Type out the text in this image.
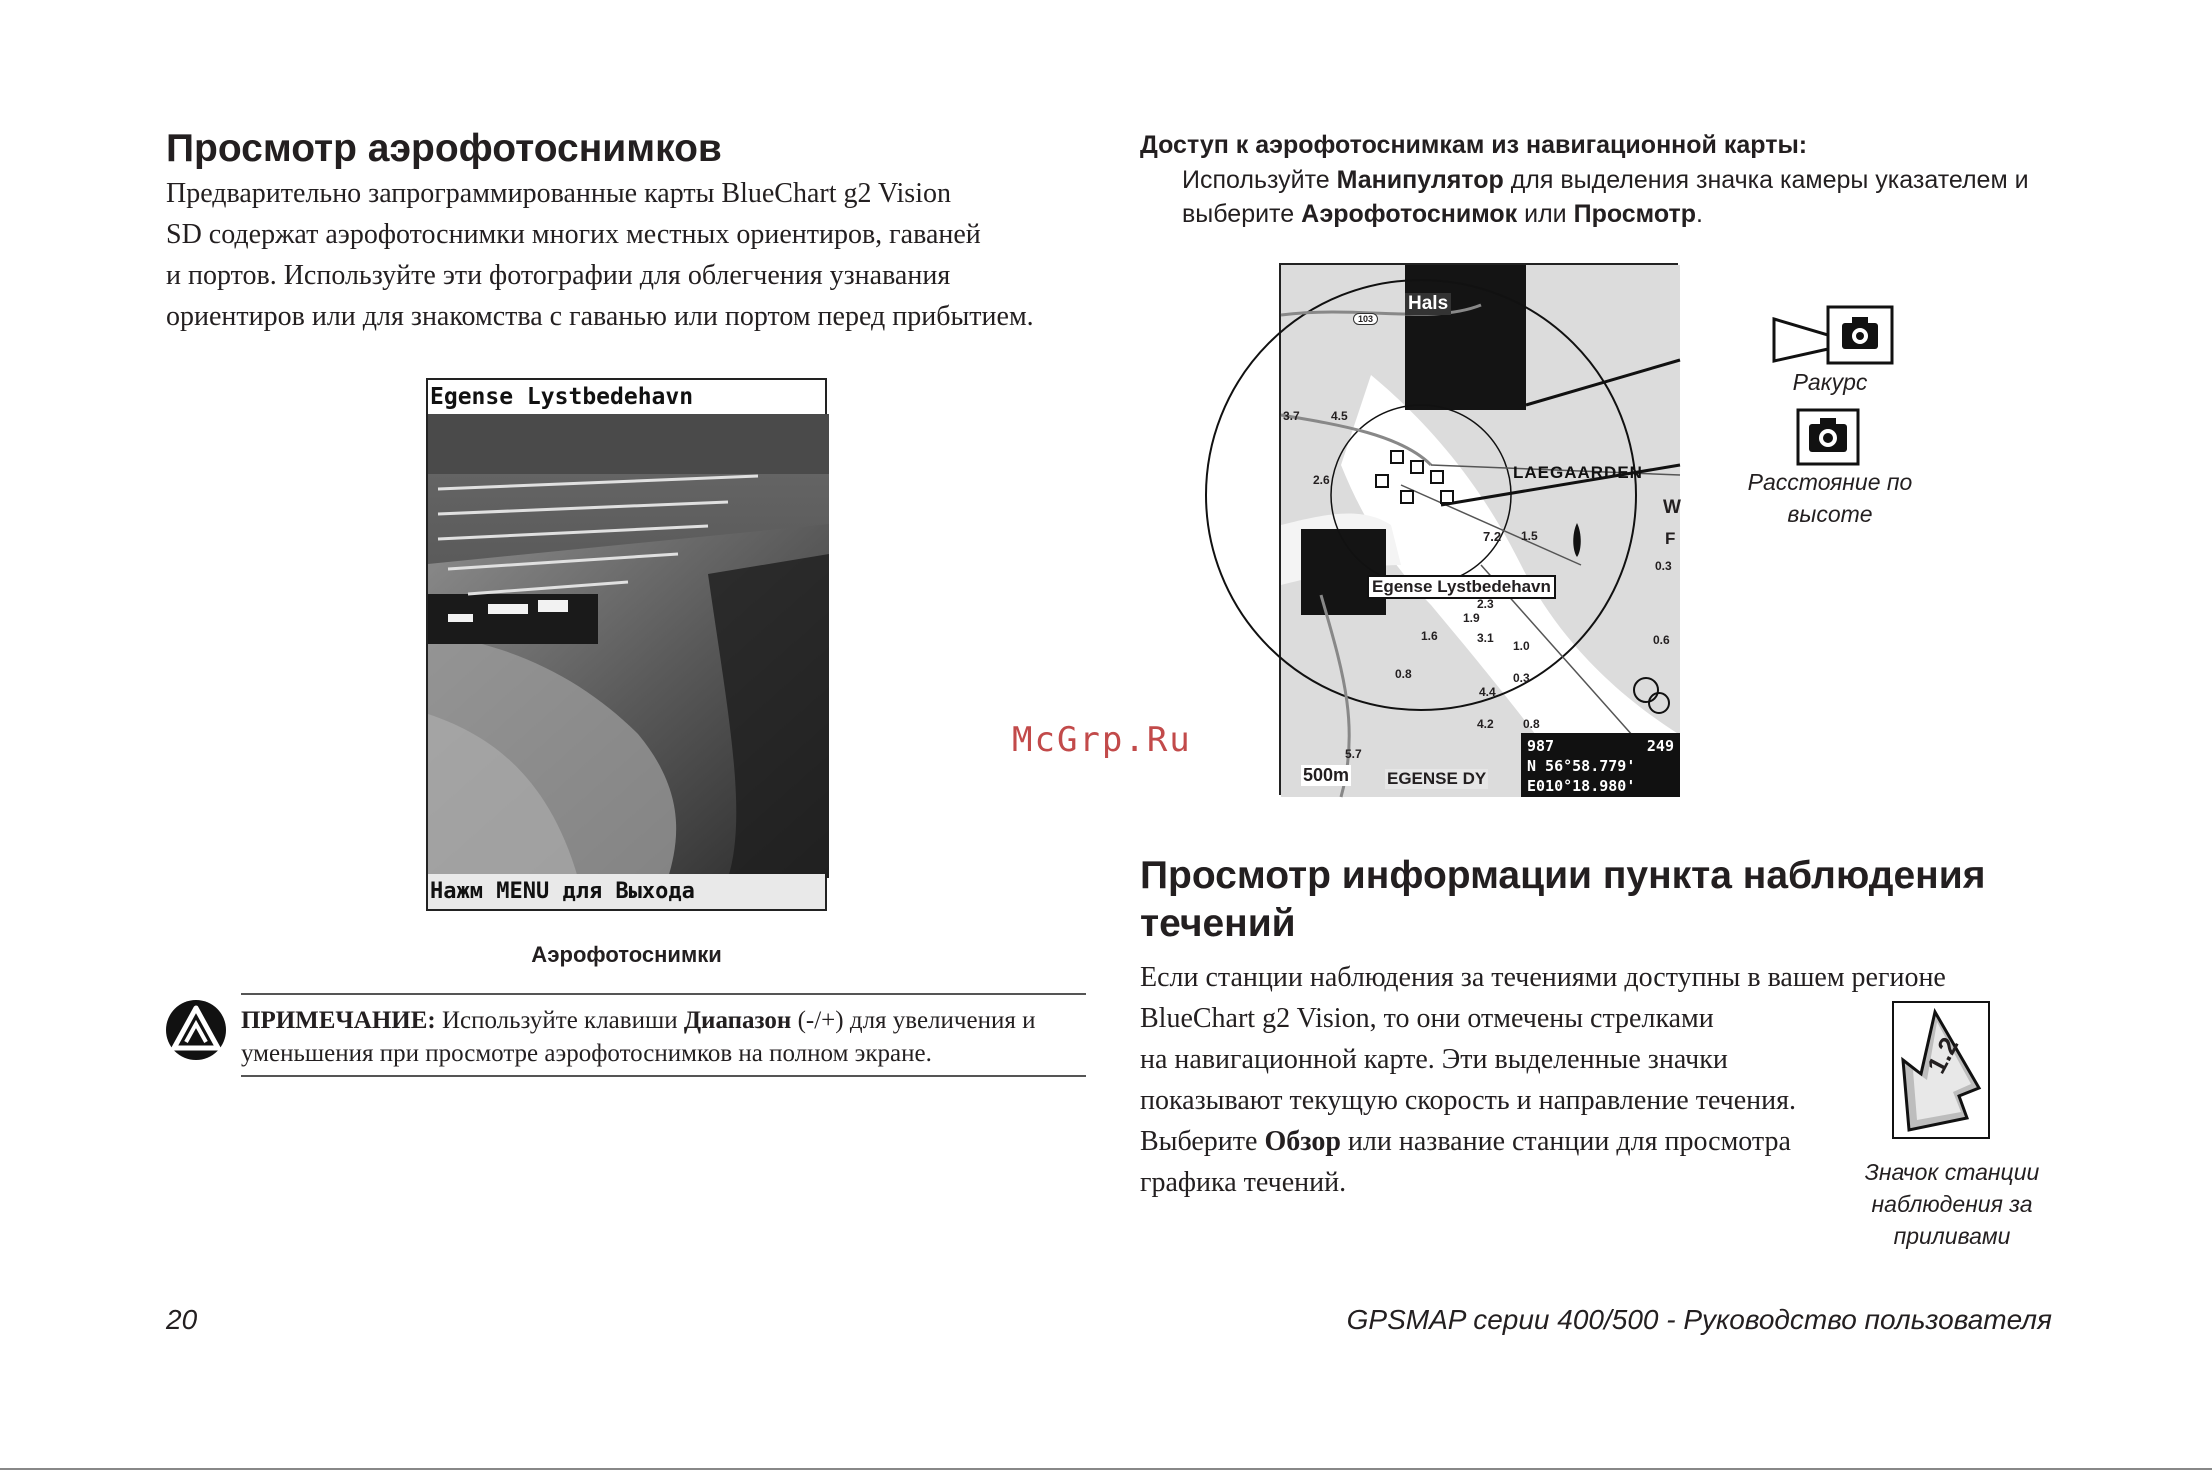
Просмотр аэрофотоснимков
Предварительно запрограммированные карты BlueChart g2 Vision
SD содержат аэрофотоснимки многих местных ориентиров, гаваней
и портов. Используйте эти фотографии для облегчения узнавания
ориентиров или для знакомства с гаванью или портом перед прибытием.
Egense Lystbedehavn
Нажм MENU для Выхода
Аэрофотоснимки
ПРИМЕЧАНИЕ: Используйте клавиши Диапазон (-/+) для увеличения и
уменьшения при просмотре аэрофотоснимков на полном экране.
Доступ к аэрофотоснимкам из навигационной карты:
Используйте Манипулятор для выделения значка камеры указателем и
выберите Аэрофотоснимок или Просмотр.
Hals
103
LAEGAARDEN
Egense Lystbedehavn
W
F
3.7	4.5
2.6
7.2 1.5
2.3
1.9
1.6	3.1
1.0
0.8	0.3
4.4
4.2
5.7
0.3
0.6
0.8
500m EGENSE DY
987	249
N 56°58.779'
E010°18.980'
Ракурс
Расстояние по
высоте
McGrp.Ru
Просмотр информации пункта наблюдения
течений
Если станции наблюдения за течениями доступны в вашем регионе
BlueChart g2 Vision, то они отмечены стрелками
на навигационной карте. Эти выделенные значки
показывают текущую скорость и направление течения.
Выберите Обзор или название станции для просмотра
графика течений.
1.2
Значок станции
наблюдения за
приливами
20	GPSMAP серии 400/500 - Руководство пользователя
